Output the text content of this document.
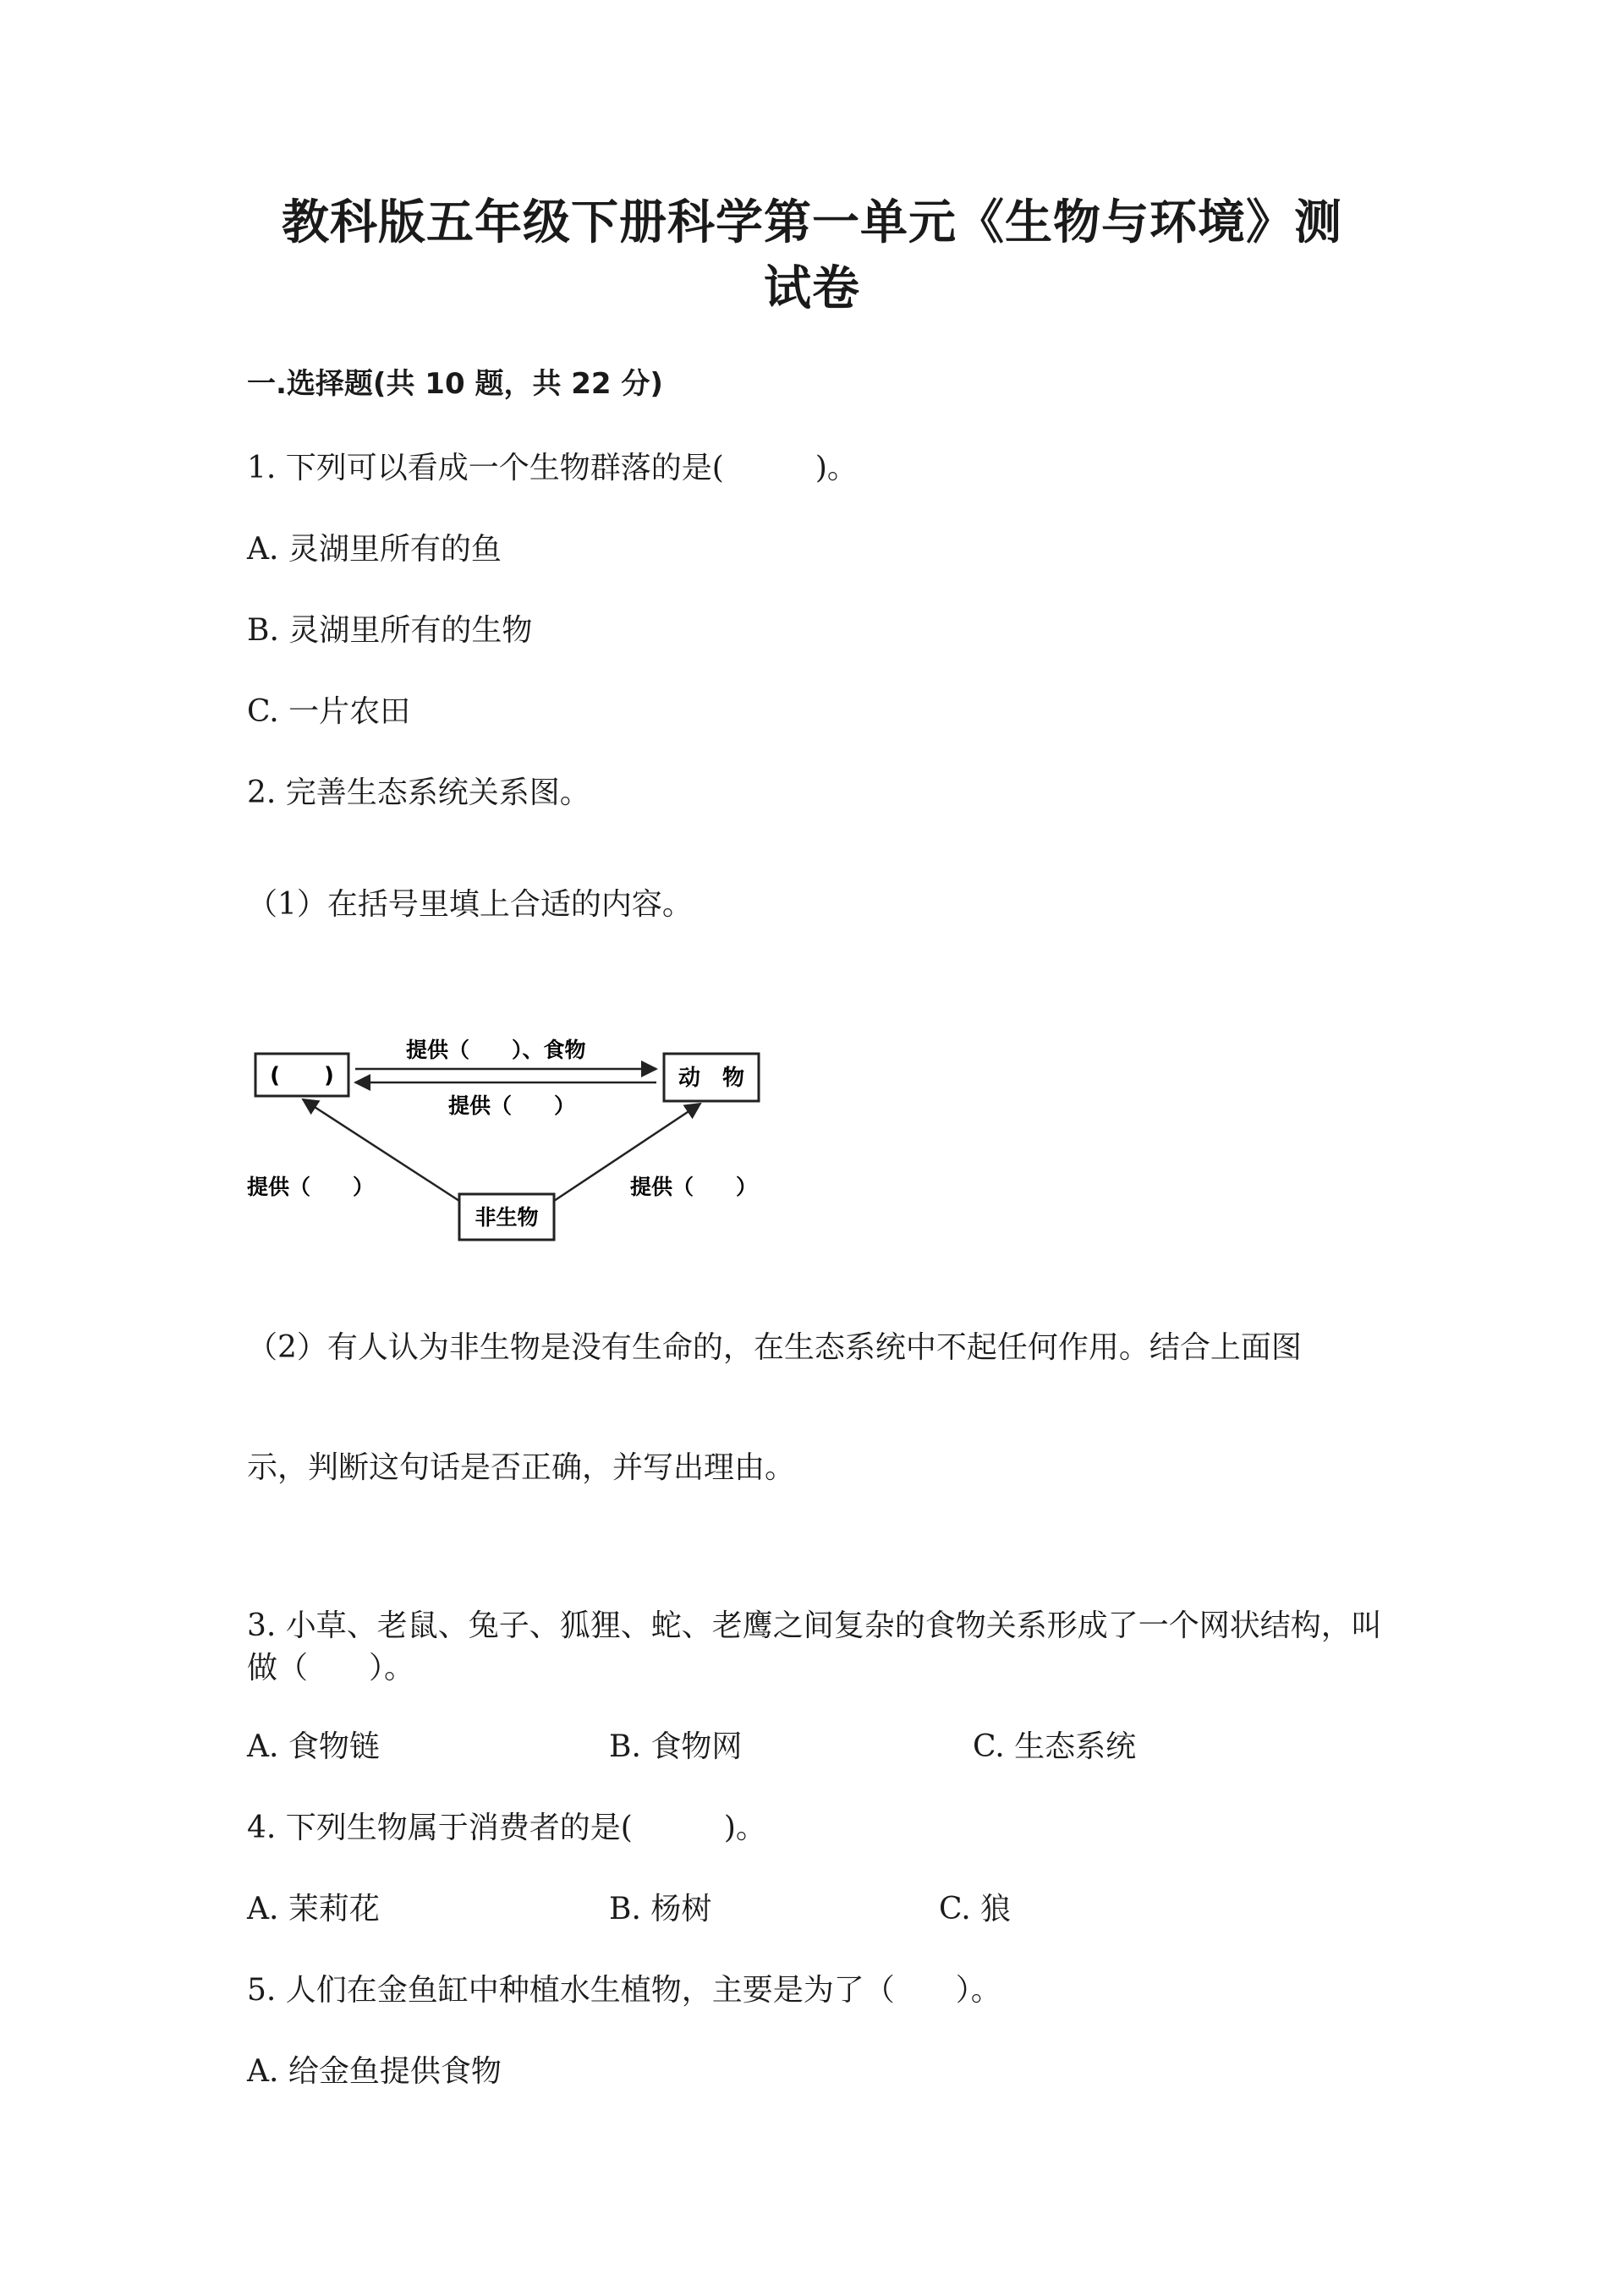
教科版五年级下册科学第一单元《生物与环境》测
试卷
一.选择题(共 10 题，共 22 分)
1. 下列可以看成一个生物群落的是(　　　)。
A. 灵湖里所有的鱼
B. 灵湖里所有的生物
C. 一片农田
2. 完善生态系统关系图。
（1）在括号里填上合适的内容。
(　　)	动　物
非生物
提供（　　）、食物
提供（　　）
提供（　　）	提供（　　）
（2）有人认为非生物是没有生命的，在生态系统中不起任何作用。结合上面图
示，判断这句话是否正确，并写出理由。
3. 小草、老鼠、兔子、狐狸、蛇、老鹰之间复杂的食物关系形成了一个网状结构，叫做（　　）。
A. 食物链	B. 食物网	C. 生态系统
4. 下列生物属于消费者的是(　　　)。
A. 茉莉花	B. 杨树	C. 狼
5. 人们在金鱼缸中种植水生植物，主要是为了（　　）。
A. 给金鱼提供食物
